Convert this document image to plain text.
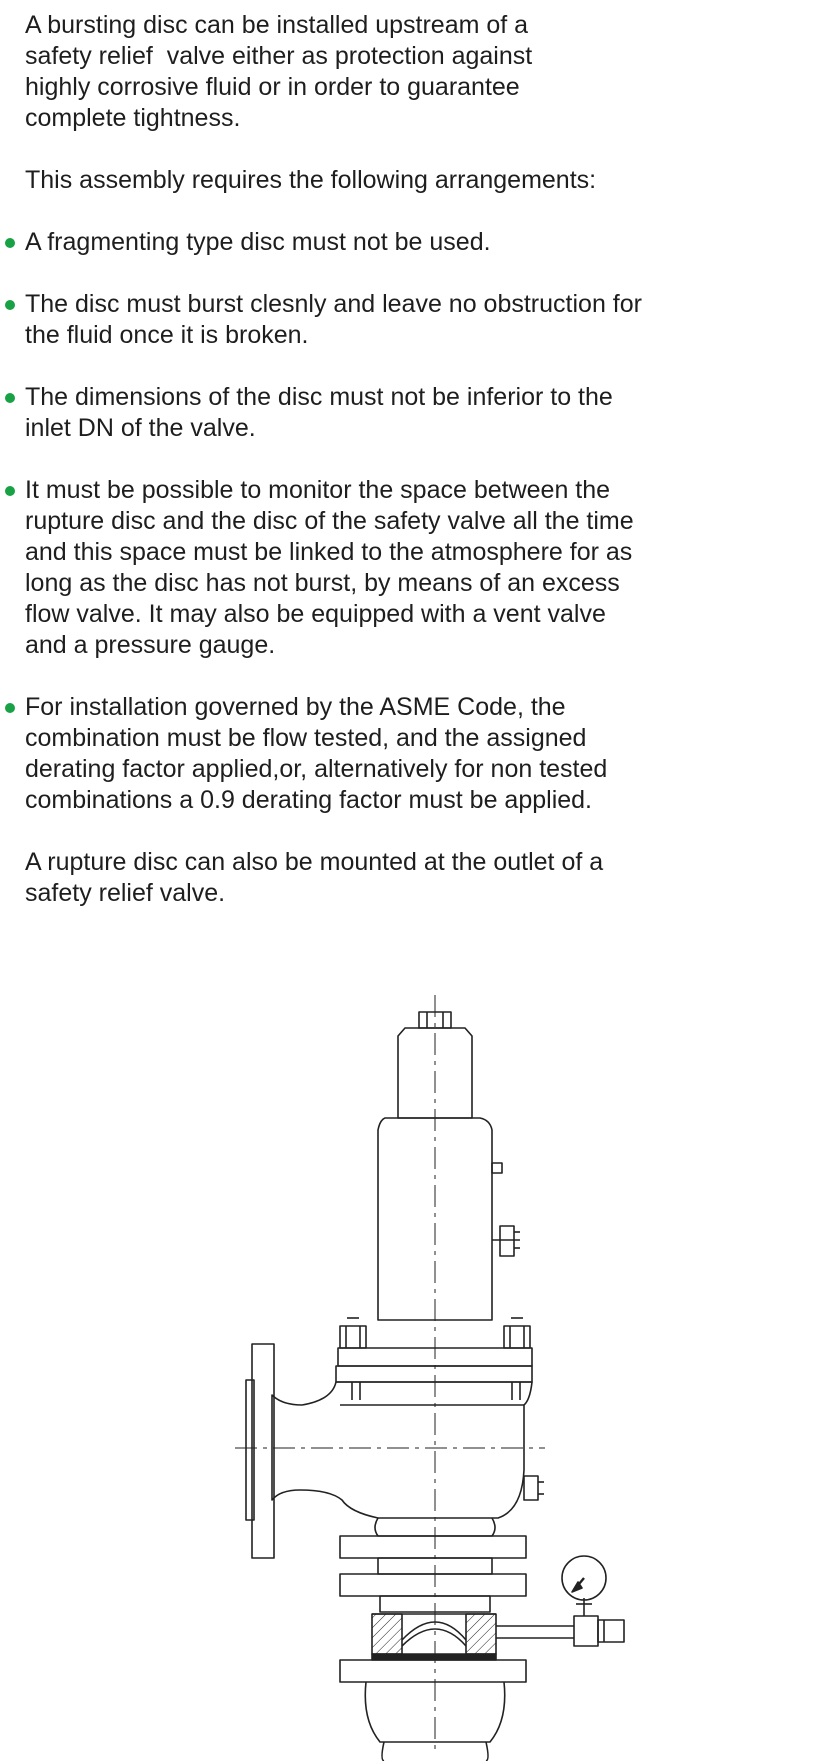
A bursting disc can be installed upstream of a
safety relief  valve either as protection against
highly corrosive fluid or in order to guarantee
complete tightness.

This assembly requires the following arrangements:

A fragmenting type disc must not be used.
The disc must burst clesnly and leave no obstruction for
the fluid once it is broken.
The dimensions of the disc must not be inferior to the
inlet DN of the valve.
It must be possible to monitor the space between the
rupture disc and the disc of the safety valve all the time
and this space must be linked to the atmosphere for as
long as the disc has not burst, by means of an excess
flow valve. It may also be equipped with a vent valve
and a pressure gauge.
For installation governed by the ASME Code, the
combination must be flow tested, and the assigned
derating factor applied,or, alternatively for non tested
combinations a 0.9 derating factor must be applied.

A rupture disc can also be mounted at the outlet of a
safety relief valve.
